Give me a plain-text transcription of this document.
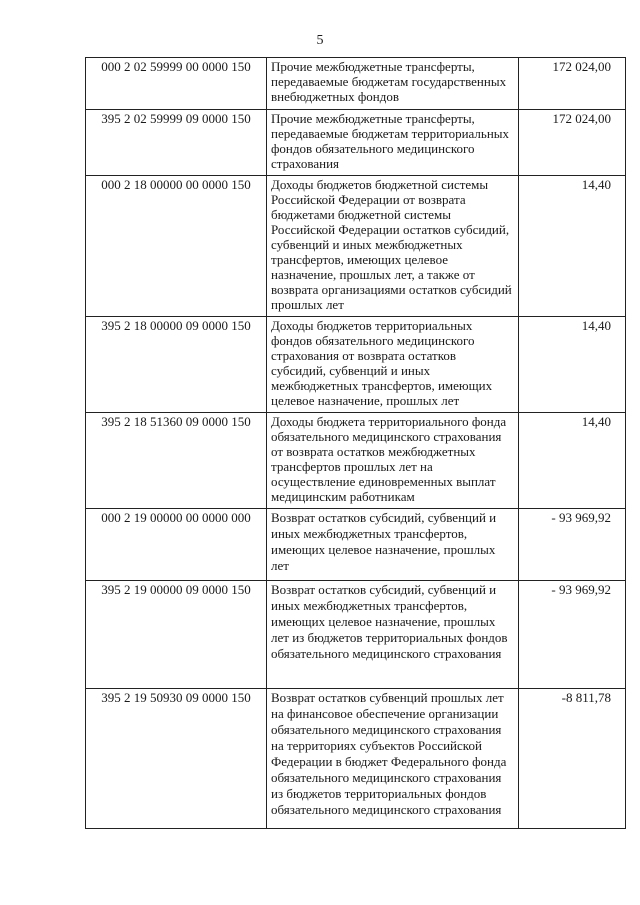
5
000 2 02 59999 00 0000 150	Прочие межбюджетные трансферты, передаваемые бюджетам государственных внебюджетных фондов	172 024,00
395 2 02 59999 09 0000 150	Прочие межбюджетные трансферты, передаваемые бюджетам территориальных фондов обязательного медицинского страхования	172 024,00
000 2 18 00000 00 0000 150	Доходы бюджетов бюджетной системы Российской Федерации от возврата бюджетами бюджетной системы Российской Федерации остатков субсидий, субвенций и иных межбюджетных трансфертов, имеющих целевое назначение, прошлых лет, а также от возврата организациями остатков субсидий прошлых лет	14,40
395 2 18 00000 09 0000 150	Доходы бюджетов территориальных фондов обязательного медицинского страхования от возврата остатков субсидий, субвенций и иных межбюджетных трансфертов, имеющих целевое назначение, прошлых лет	14,40
395 2 18 51360 09 0000 150	Доходы бюджета территориального фонда обязательного медицинского страхования от возврата остатков межбюджетных трансфертов прошлых лет на осуществление единовременных выплат медицинским работникам	14,40
000 2 19 00000 00 0000 000	Возврат остатков субсидий, субвенций и иных межбюджетных трансфертов, имеющих целевое назначение, прошлых лет	- 93 969,92
395 2 19 00000 09 0000 150	Возврат остатков субсидий, субвенций и иных межбюджетных трансфертов, имеющих целевое назначение, прошлых лет из бюджетов территориальных фондов обязательного медицинского страхования	- 93 969,92
395 2 19 50930 09 0000 150	Возврат остатков субвенций прошлых лет на финансовое обеспечение организации обязательного медицинского страхования на территориях субъектов Российской Федерации в бюджет Федерального фонда обязательного медицинского страхования из бюджетов территориальных фондов обязательного медицинского страхования	-8 811,78
